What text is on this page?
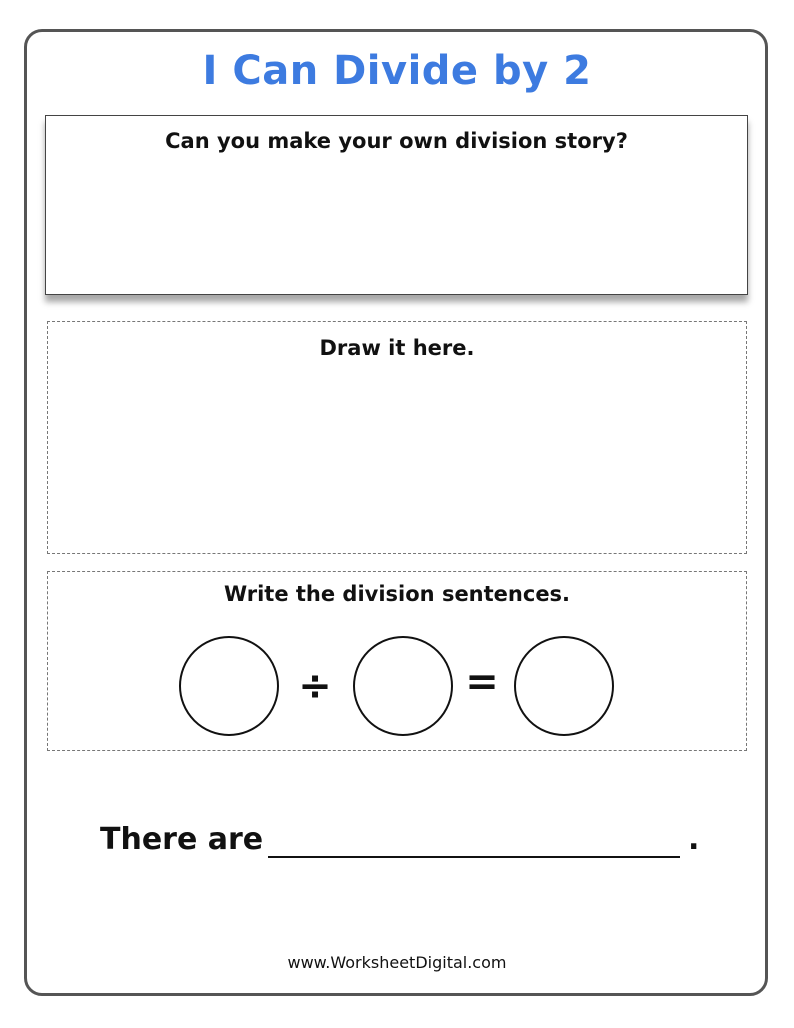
I Can Divide by 2
Can you make your own division story?
Draw it here.
Write the division sentences.
÷	=
There are	.
www.WorksheetDigital.com
